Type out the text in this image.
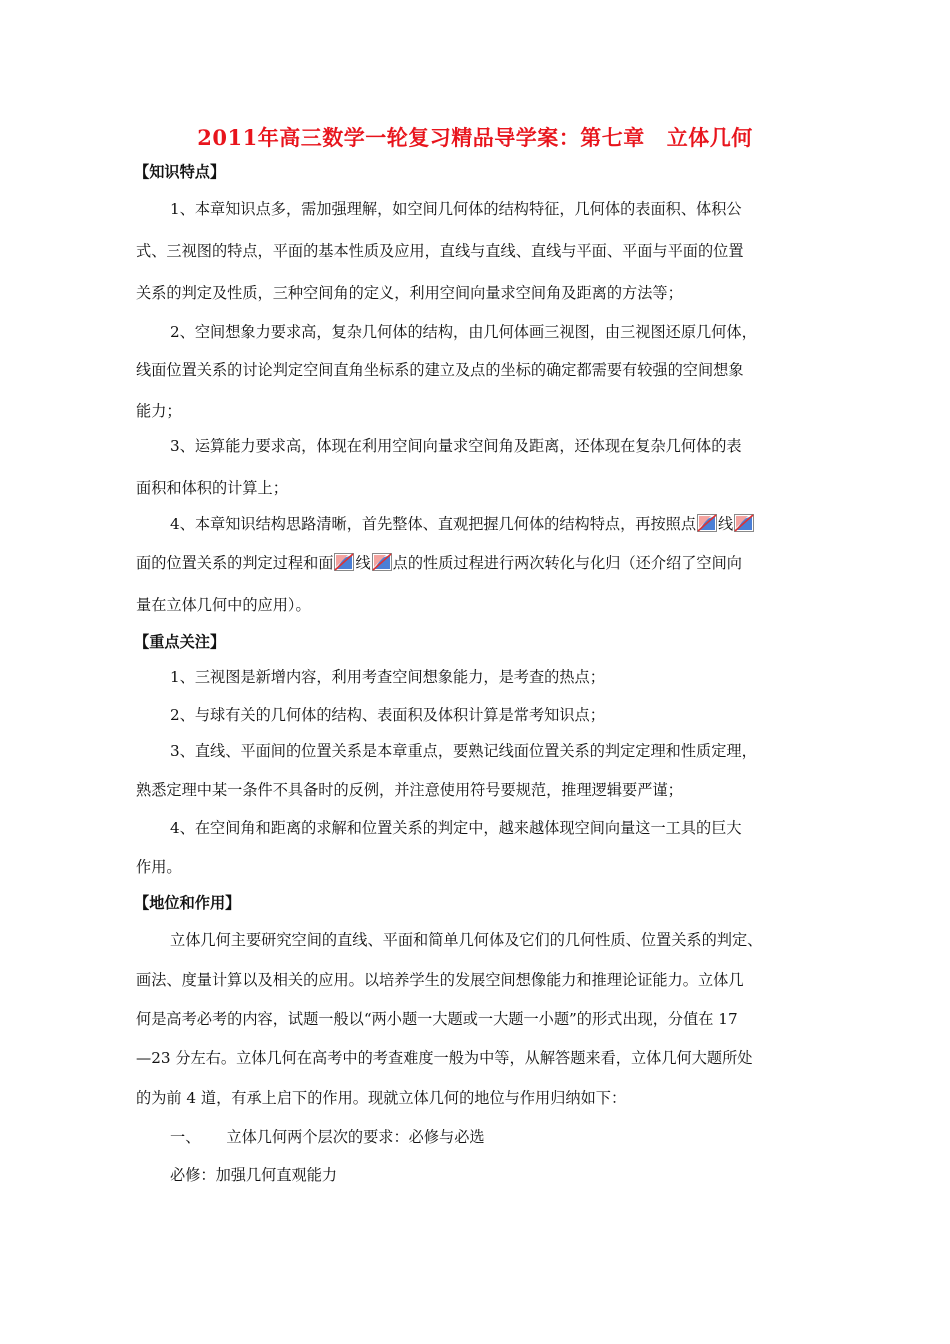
2011年高三数学一轮复习精品导学案：第七章 立体几何
【知识特点】
1、本章知识点多，需加强理解，如空间几何体的结构特征，几何体的表面积、体积公
式、三视图的特点，平面的基本性质及应用，直线与直线、直线与平面、平面与平面的位置
关系的判定及性质，三种空间角的定义，利用空间向量求空间角及距离的方法等；
2、空间想象力要求高，复杂几何体的结构，由几何体画三视图，由三视图还原几何体，
线面位置关系的讨论判定空间直角坐标系的建立及点的坐标的确定都需要有较强的空间想象
能力；
3、运算能力要求高，体现在利用空间向量求空间角及距离，还体现在复杂几何体的表
面积和体积的计算上；
4、本章知识结构思路清晰，首先整体、直观把握几何体的结构特点，再按照点 线
面的位置关系的判定过程和面 线 点的性质过程进行两次转化与化归（还介绍了空间向
量在立体几何中的应用）。
【重点关注】
1、三视图是新增内容，利用考查空间想象能力，是考查的热点；
2、与球有关的几何体的结构、表面积及体积计算是常考知识点；
3、直线、平面间的位置关系是本章重点，要熟记线面位置关系的判定定理和性质定理，
熟悉定理中某一条件不具备时的反例，并注意使用符号要规范，推理逻辑要严谨；
4、在空间角和距离的求解和位置关系的判定中，越来越体现空间向量这一工具的巨大
作用。
【地位和作用】
立体几何主要研究空间的直线、平面和简单几何体及它们的几何性质、位置关系的判定、
画法、度量计算以及相关的应用。以培养学生的发展空间想像能力和推理论证能力。立体几
何是高考必考的内容，试题一般以“两小题一大题或一大题一小题”的形式出现，分值在 17
—23 分左右。立体几何在高考中的考查难度一般为中等，从解答题来看，立体几何大题所处
的为前 4 道，有承上启下的作用。现就立体几何的地位与作用归纳如下：
一、 立体几何两个层次的要求：必修与必选
必修：加强几何直观能力
